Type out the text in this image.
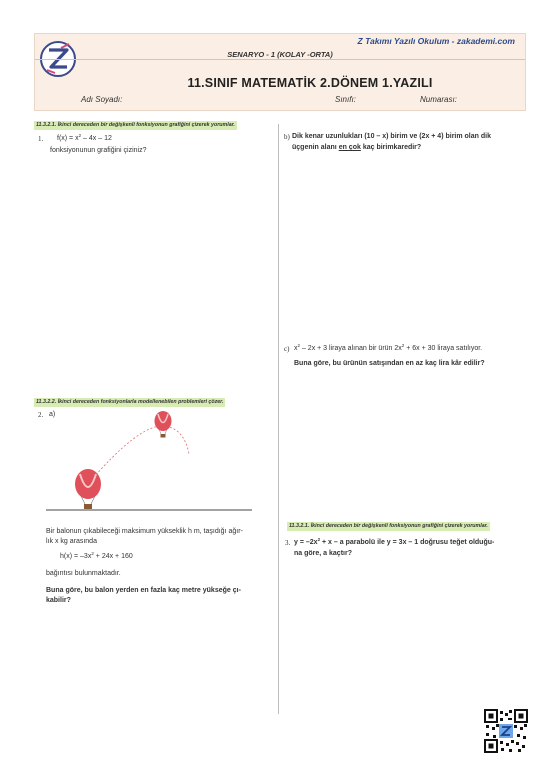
Z Takımı Yazılı Okulum - zakademi.com
SENARYO - 1 (KOLAY -ORTA)
11.SINIF MATEMATİK 2.DÖNEM 1.YAZILI
Adı Soyadı:	Sınıfı:	Numarası:
11.3.2.1. İkinci dereceden bir değişkenli fonksiyonun grafiğini çizerek yorumlar.
1. $f(x) = x^2 - 4x - 12$
fonksiyonunun grafiğini çiziniz?
11.3.2.2. İkinci dereceden fonksiyonlarla modellenebilen problemleri çözer.
2. a)
Bir balonun çıkabileceği maksimum yükseklik h m, taşıdığı ağır-
lık x kg arasında
$h(x) = -3x^2 + 24x + 160$
bağıntısı bulunmaktadır.
Buna göre, bu balon yerden en fazla kaç metre yükseğe çı-
kabilir?
b) Dik kenar uzunlukları (10 – x) birim ve (2x + 4) birim olan dik
üçgenin alanı en çok kaç birimkaredir?
c) $x^2 - 2x + 3$ liraya alınan bir ürün $2x^2 + 6x + 30$ liraya satılıyor.
Buna göre, bu ürünün satışından en az kaç lira kâr edilir?
11.3.2.1. İkinci dereceden bir değişkenli fonksiyonun grafiğini çizerek yorumlar.
3. $y = -2x^2 + x - a$ parabolü ile y = 3x – 1 doğrusu teğet olduğu-
na göre, a kaçtır?
